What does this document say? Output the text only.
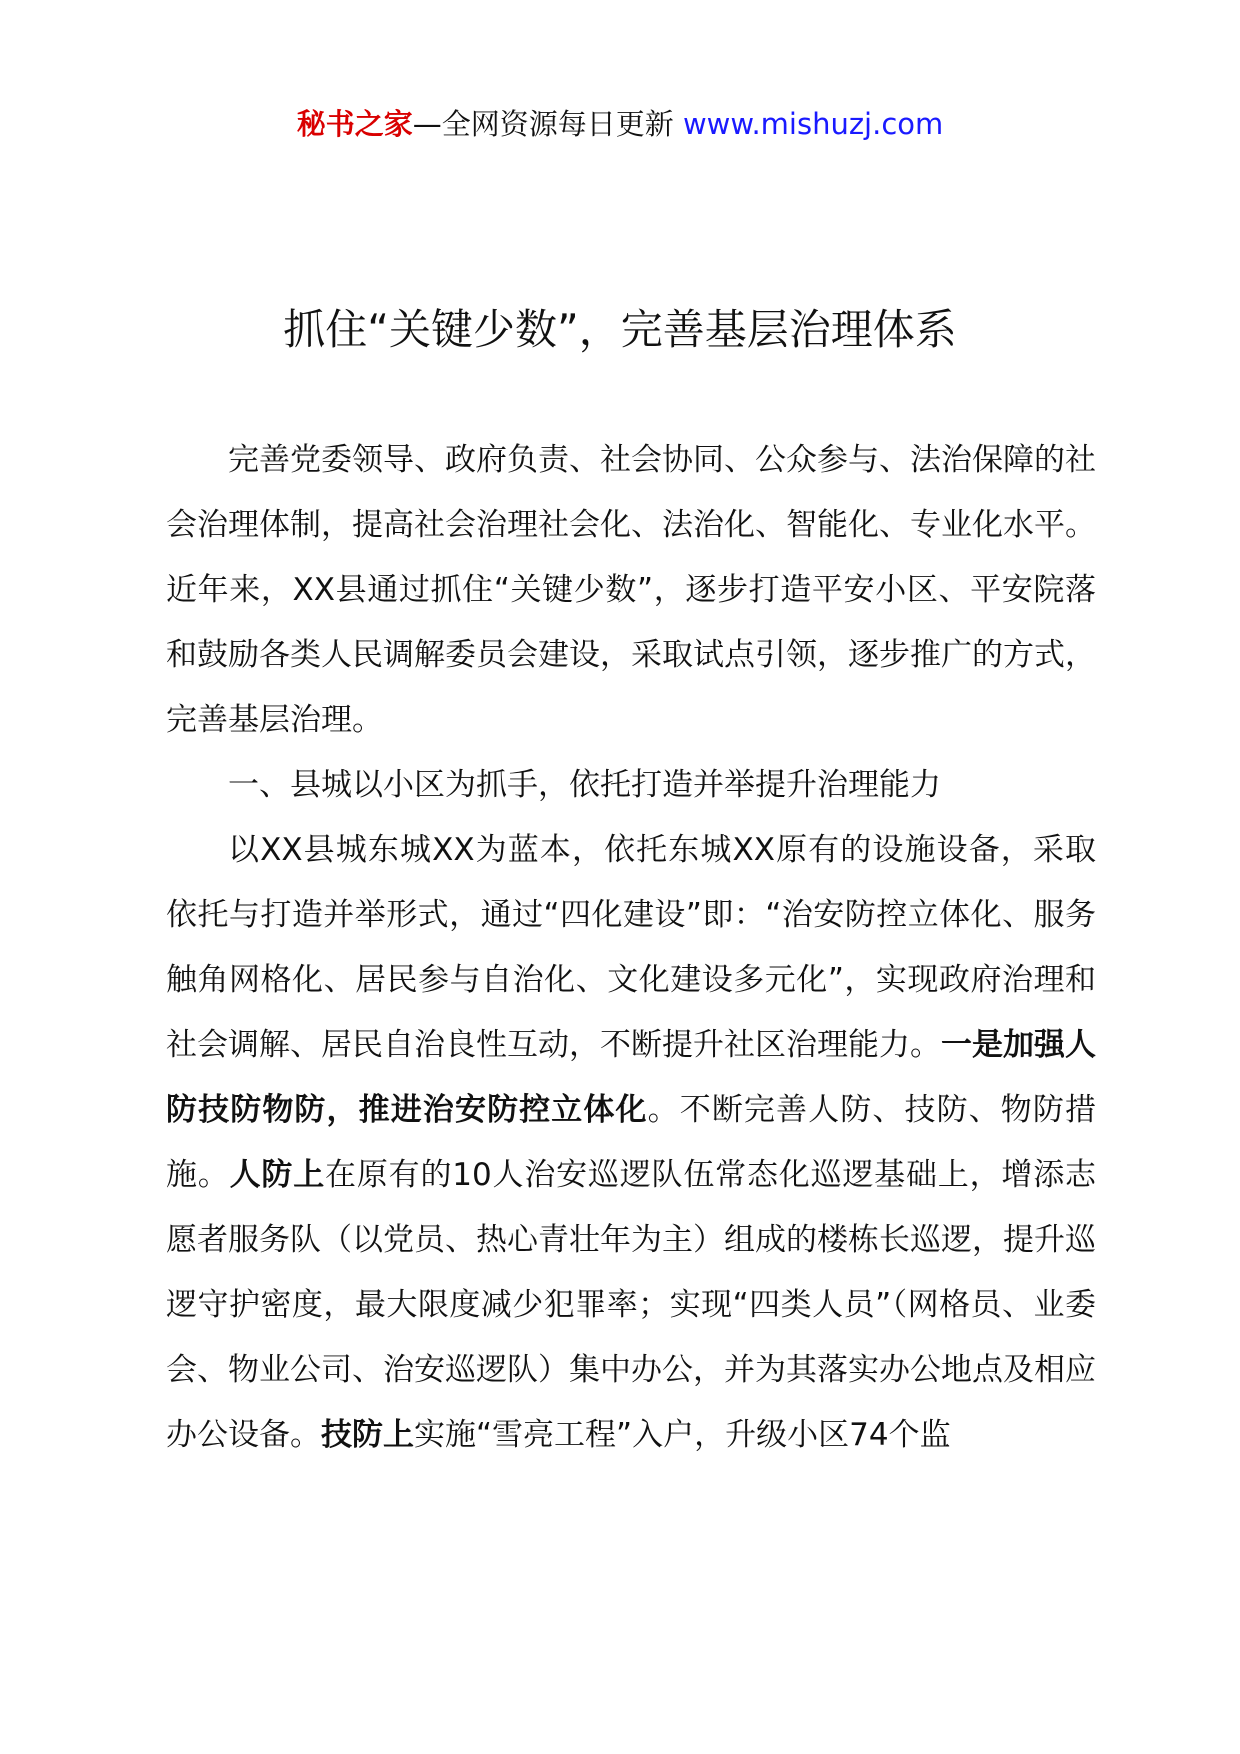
秘书之家—全网资源每日更新 www.mishuzj.com
抓住“关键少数”，完善基层治理体系

完善党委领导、政府负责、社会协同、公众参与、法治保障的社会治理体制，提高社会治理社会化、法治化、智能化、专业化水平。近年来，XX县通过抓住“关键少数”，逐步打造平安小区、平安院落和鼓励各类人民调解委员会建设，采取试点引领，逐步推广的方式，完善基层治理。

一、县城以小区为抓手，依托打造并举提升治理能力

以XX县城东城XX为蓝本，依托东城XX原有的设施设备，采取依托与打造并举形式，通过“四化建设”即：“治安防控立体化、服务触角网格化、居民参与自治化、文化建设多元化”，实现政府治理和社会调解、居民自治良性互动，不断提升社区治理能力。一是加强人防技防物防，推进治安防控立体化。不断完善人防、技防、物防措施。人防上在原有的10人治安巡逻队伍常态化巡逻基础上，增添志愿者服务队（以党员、热心青壮年为主）组成的楼栋长巡逻，提升巡逻守护密度，最大限度减少犯罪率；实现“四类人员”（网格员、业委会、物业公司、治安巡逻队）集中办公，并为其落实办公地点及相应办公设备。技防上实施“雪亮工程”入户，升级小区74个监
